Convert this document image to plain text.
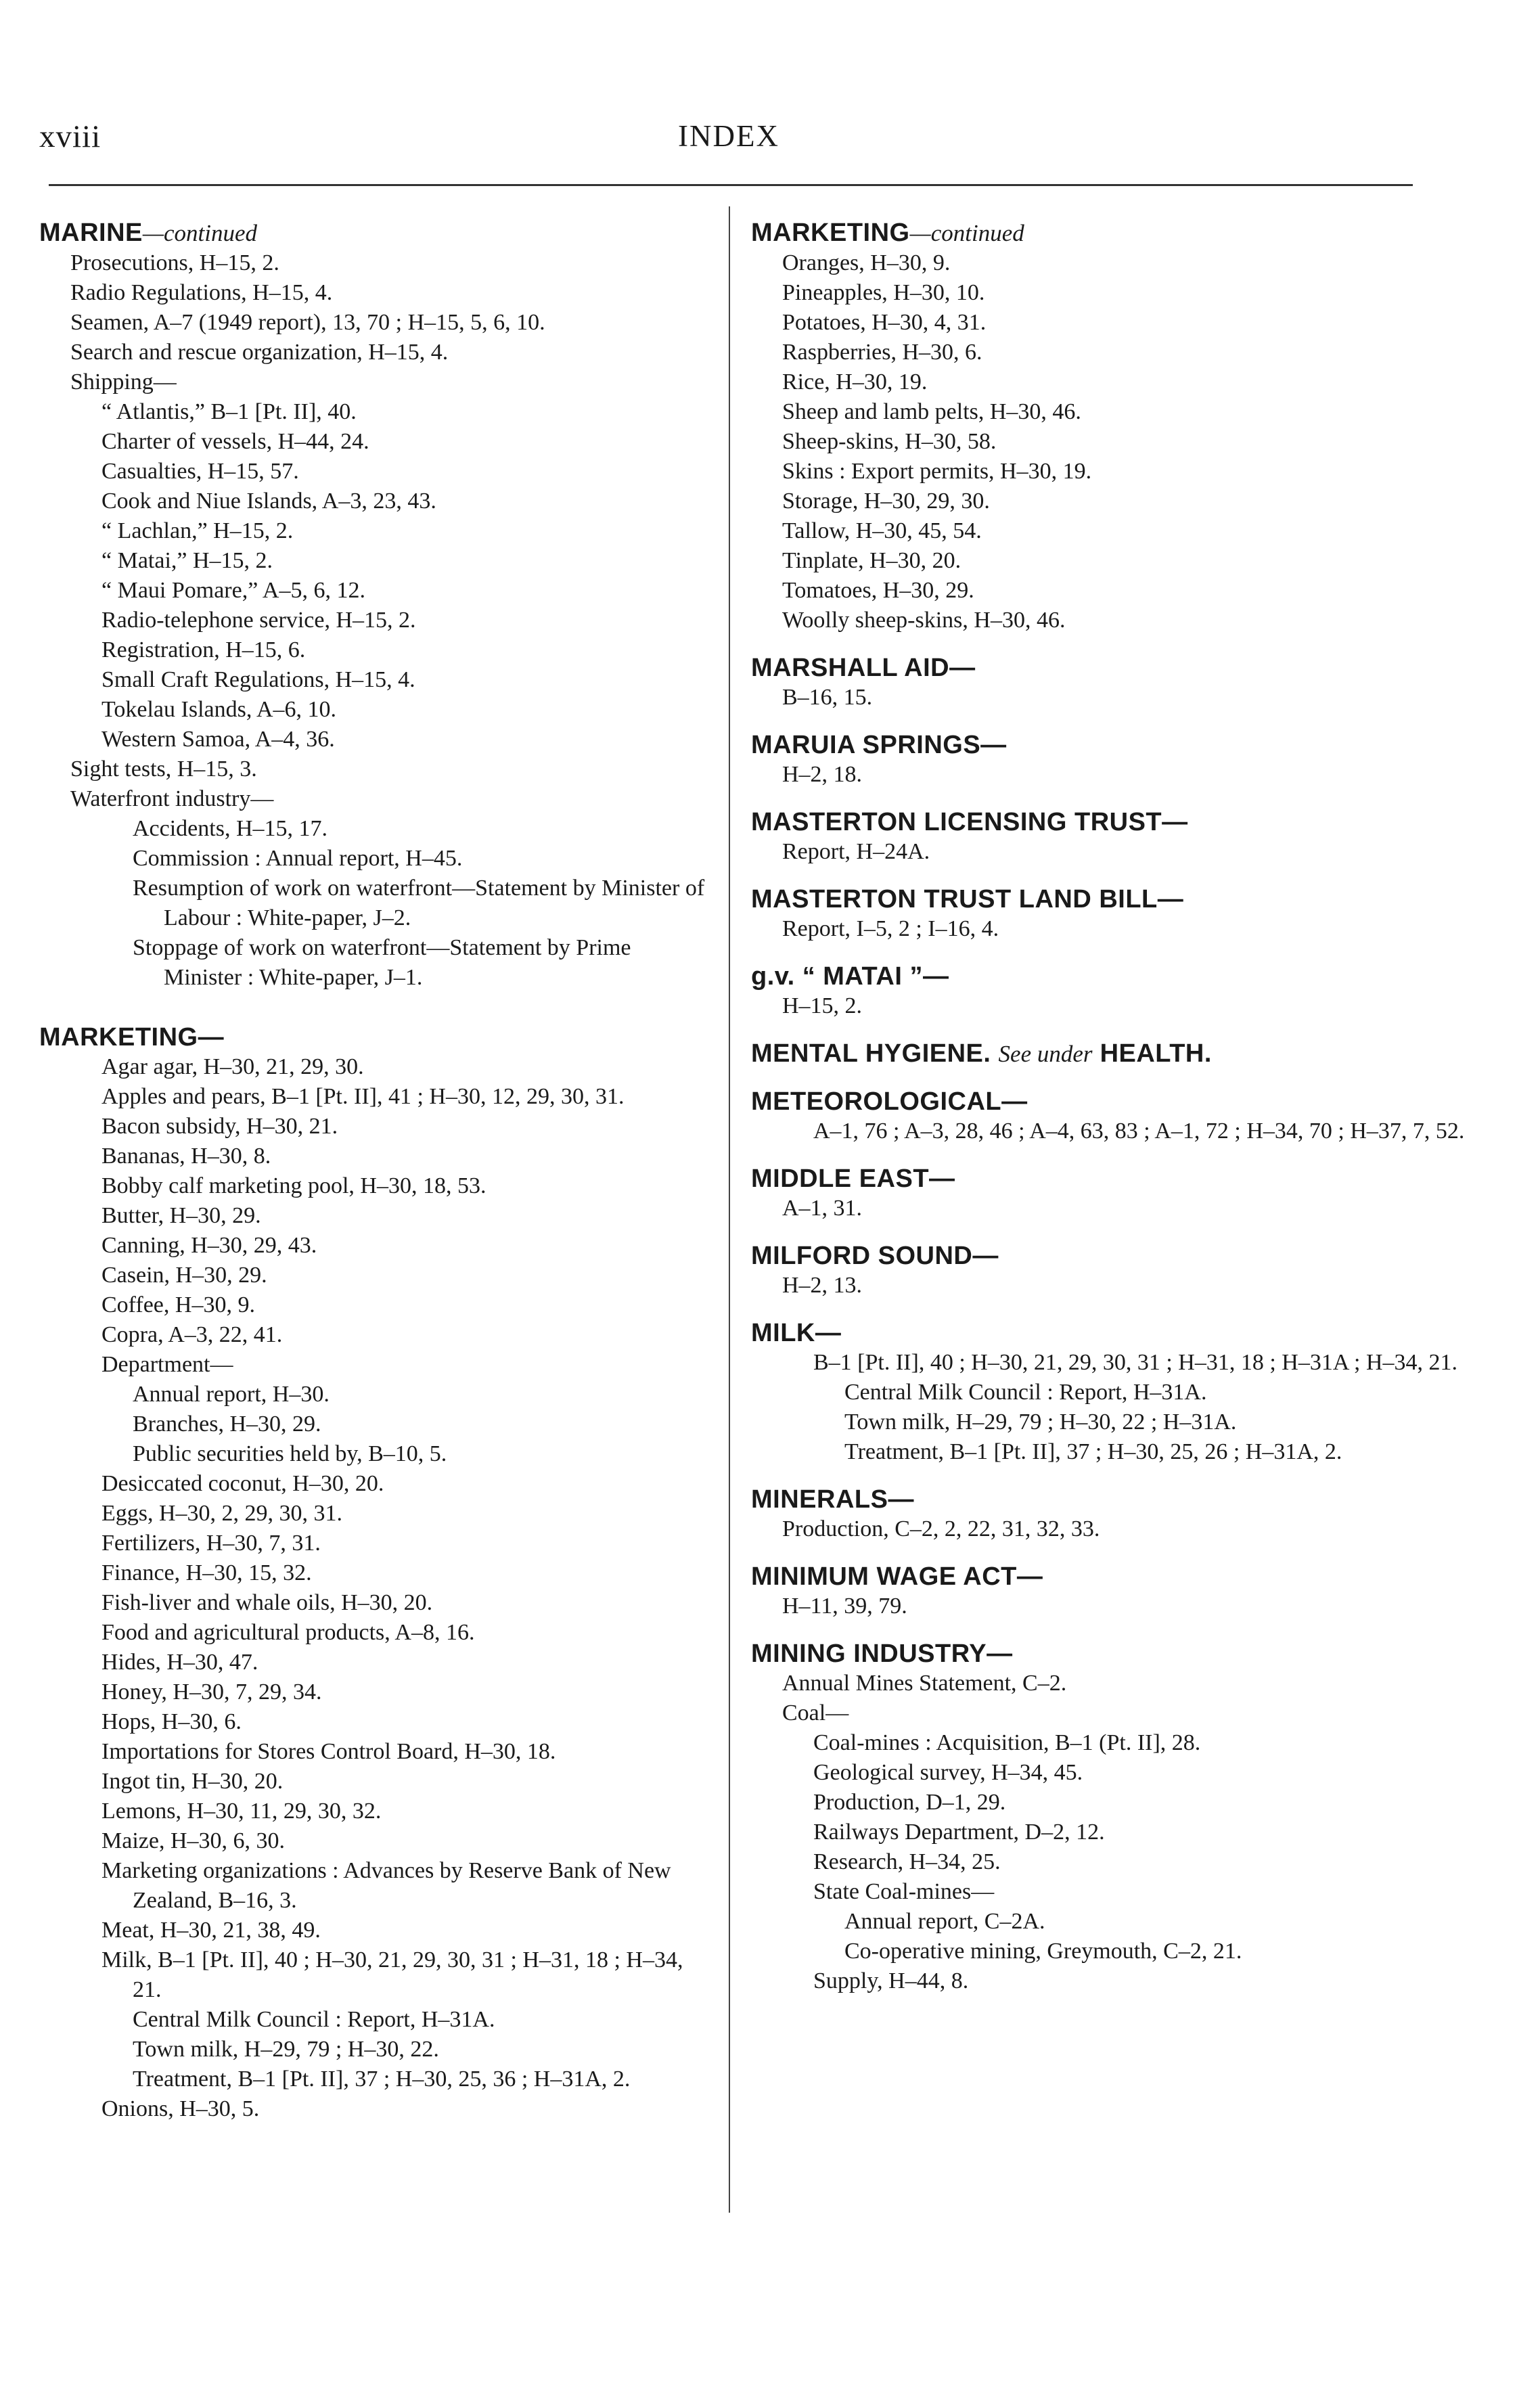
xviii	INDEX
MARINE—continued
Prosecutions, H–15, 2.
Radio Regulations, H–15, 4.
Seamen, A–7 (1949 report), 13, 70 ; H–15, 5, 6, 10.
Search and rescue organization, H–15, 4.
Shipping—
“ Atlantis,” B–1 [Pt. II], 40.
Charter of vessels, H–44, 24.
Casualties, H–15, 57.
Cook and Niue Islands, A–3, 23, 43.
“ Lachlan,” H–15, 2.
“ Matai,” H–15, 2.
“ Maui Pomare,” A–5, 6, 12.
Radio-telephone service, H–15, 2.
Registration, H–15, 6.
Small Craft Regulations, H–15, 4.
Tokelau Islands, A–6, 10.
Western Samoa, A–4, 36.
Sight tests, H–15, 3.
Waterfront industry—
Accidents, H–15, 17.
Commission : Annual report, H–45.
Resumption of work on waterfront—Statement by Minister of Labour : White-paper, J–2.
Stoppage of work on waterfront—Statement by Prime Minister : White-paper, J–1.
MARKETING—
Agar agar, H–30, 21, 29, 30.
Apples and pears, B–1 [Pt. II], 41 ; H–30, 12, 29, 30, 31.
Bacon subsidy, H–30, 21.
Bananas, H–30, 8.
Bobby calf marketing pool, H–30, 18, 53.
Butter, H–30, 29.
Canning, H–30, 29, 43.
Casein, H–30, 29.
Coffee, H–30, 9.
Copra, A–3, 22, 41.
Department—
Annual report, H–30.
Branches, H–30, 29.
Public securities held by, B–10, 5.
Desiccated coconut, H–30, 20.
Eggs, H–30, 2, 29, 30, 31.
Fertilizers, H–30, 7, 31.
Finance, H–30, 15, 32.
Fish-liver and whale oils, H–30, 20.
Food and agricultural products, A–8, 16.
Hides, H–30, 47.
Honey, H–30, 7, 29, 34.
Hops, H–30, 6.
Importations for Stores Control Board, H–30, 18.
Ingot tin, H–30, 20.
Lemons, H–30, 11, 29, 30, 32.
Maize, H–30, 6, 30.
Marketing organizations : Advances by Reserve Bank of New Zealand, B–16, 3.
Meat, H–30, 21, 38, 49.
Milk, B–1 [Pt. II], 40 ; H–30, 21, 29, 30, 31 ; H–31, 18 ; H–34, 21.
Central Milk Council : Report, H–31A.
Town milk, H–29, 79 ; H–30, 22.
Treatment, B–1 [Pt. II], 37 ; H–30, 25, 36 ; H–31A, 2.
Onions, H–30, 5.
MARKETING—continued
Oranges, H–30, 9.
Pineapples, H–30, 10.
Potatoes, H–30, 4, 31.
Raspberries, H–30, 6.
Rice, H–30, 19.
Sheep and lamb pelts, H–30, 46.
Sheep-skins, H–30, 58.
Skins : Export permits, H–30, 19.
Storage, H–30, 29, 30.
Tallow, H–30, 45, 54.
Tinplate, H–30, 20.
Tomatoes, H–30, 29.
Woolly sheep-skins, H–30, 46.
MARSHALL AID—
B–16, 15.
MARUIA SPRINGS—
H–2, 18.
MASTERTON LICENSING TRUST—
Report, H–24A.
MASTERTON TRUST LAND BILL—
Report, I–5, 2 ; I–16, 4.
g.v. “ MATAI ”—
H–15, 2.
MENTAL HYGIENE. See under HEALTH.
METEOROLOGICAL—
A–1, 76 ; A–3, 28, 46 ; A–4, 63, 83 ; A–1, 72 ; H–34, 70 ; H–37, 7, 52.
MIDDLE EAST—
A–1, 31.
MILFORD SOUND—
H–2, 13.
MILK—
B–1 [Pt. II], 40 ; H–30, 21, 29, 30, 31 ; H–31, 18 ; H–31A ; H–34, 21.
Central Milk Council : Report, H–31A.
Town milk, H–29, 79 ; H–30, 22 ; H–31A.
Treatment, B–1 [Pt. II], 37 ; H–30, 25, 26 ; H–31A, 2.
MINERALS—
Production, C–2, 2, 22, 31, 32, 33.
MINIMUM WAGE ACT—
H–11, 39, 79.
MINING INDUSTRY—
Annual Mines Statement, C–2.
Coal—
Coal-mines : Acquisition, B–1 (Pt. II], 28.
Geological survey, H–34, 45.
Production, D–1, 29.
Railways Department, D–2, 12.
Research, H–34, 25.
State Coal-mines—
Annual report, C–2A.
Co-operative mining, Greymouth, C–2, 21.
Supply, H–44, 8.
